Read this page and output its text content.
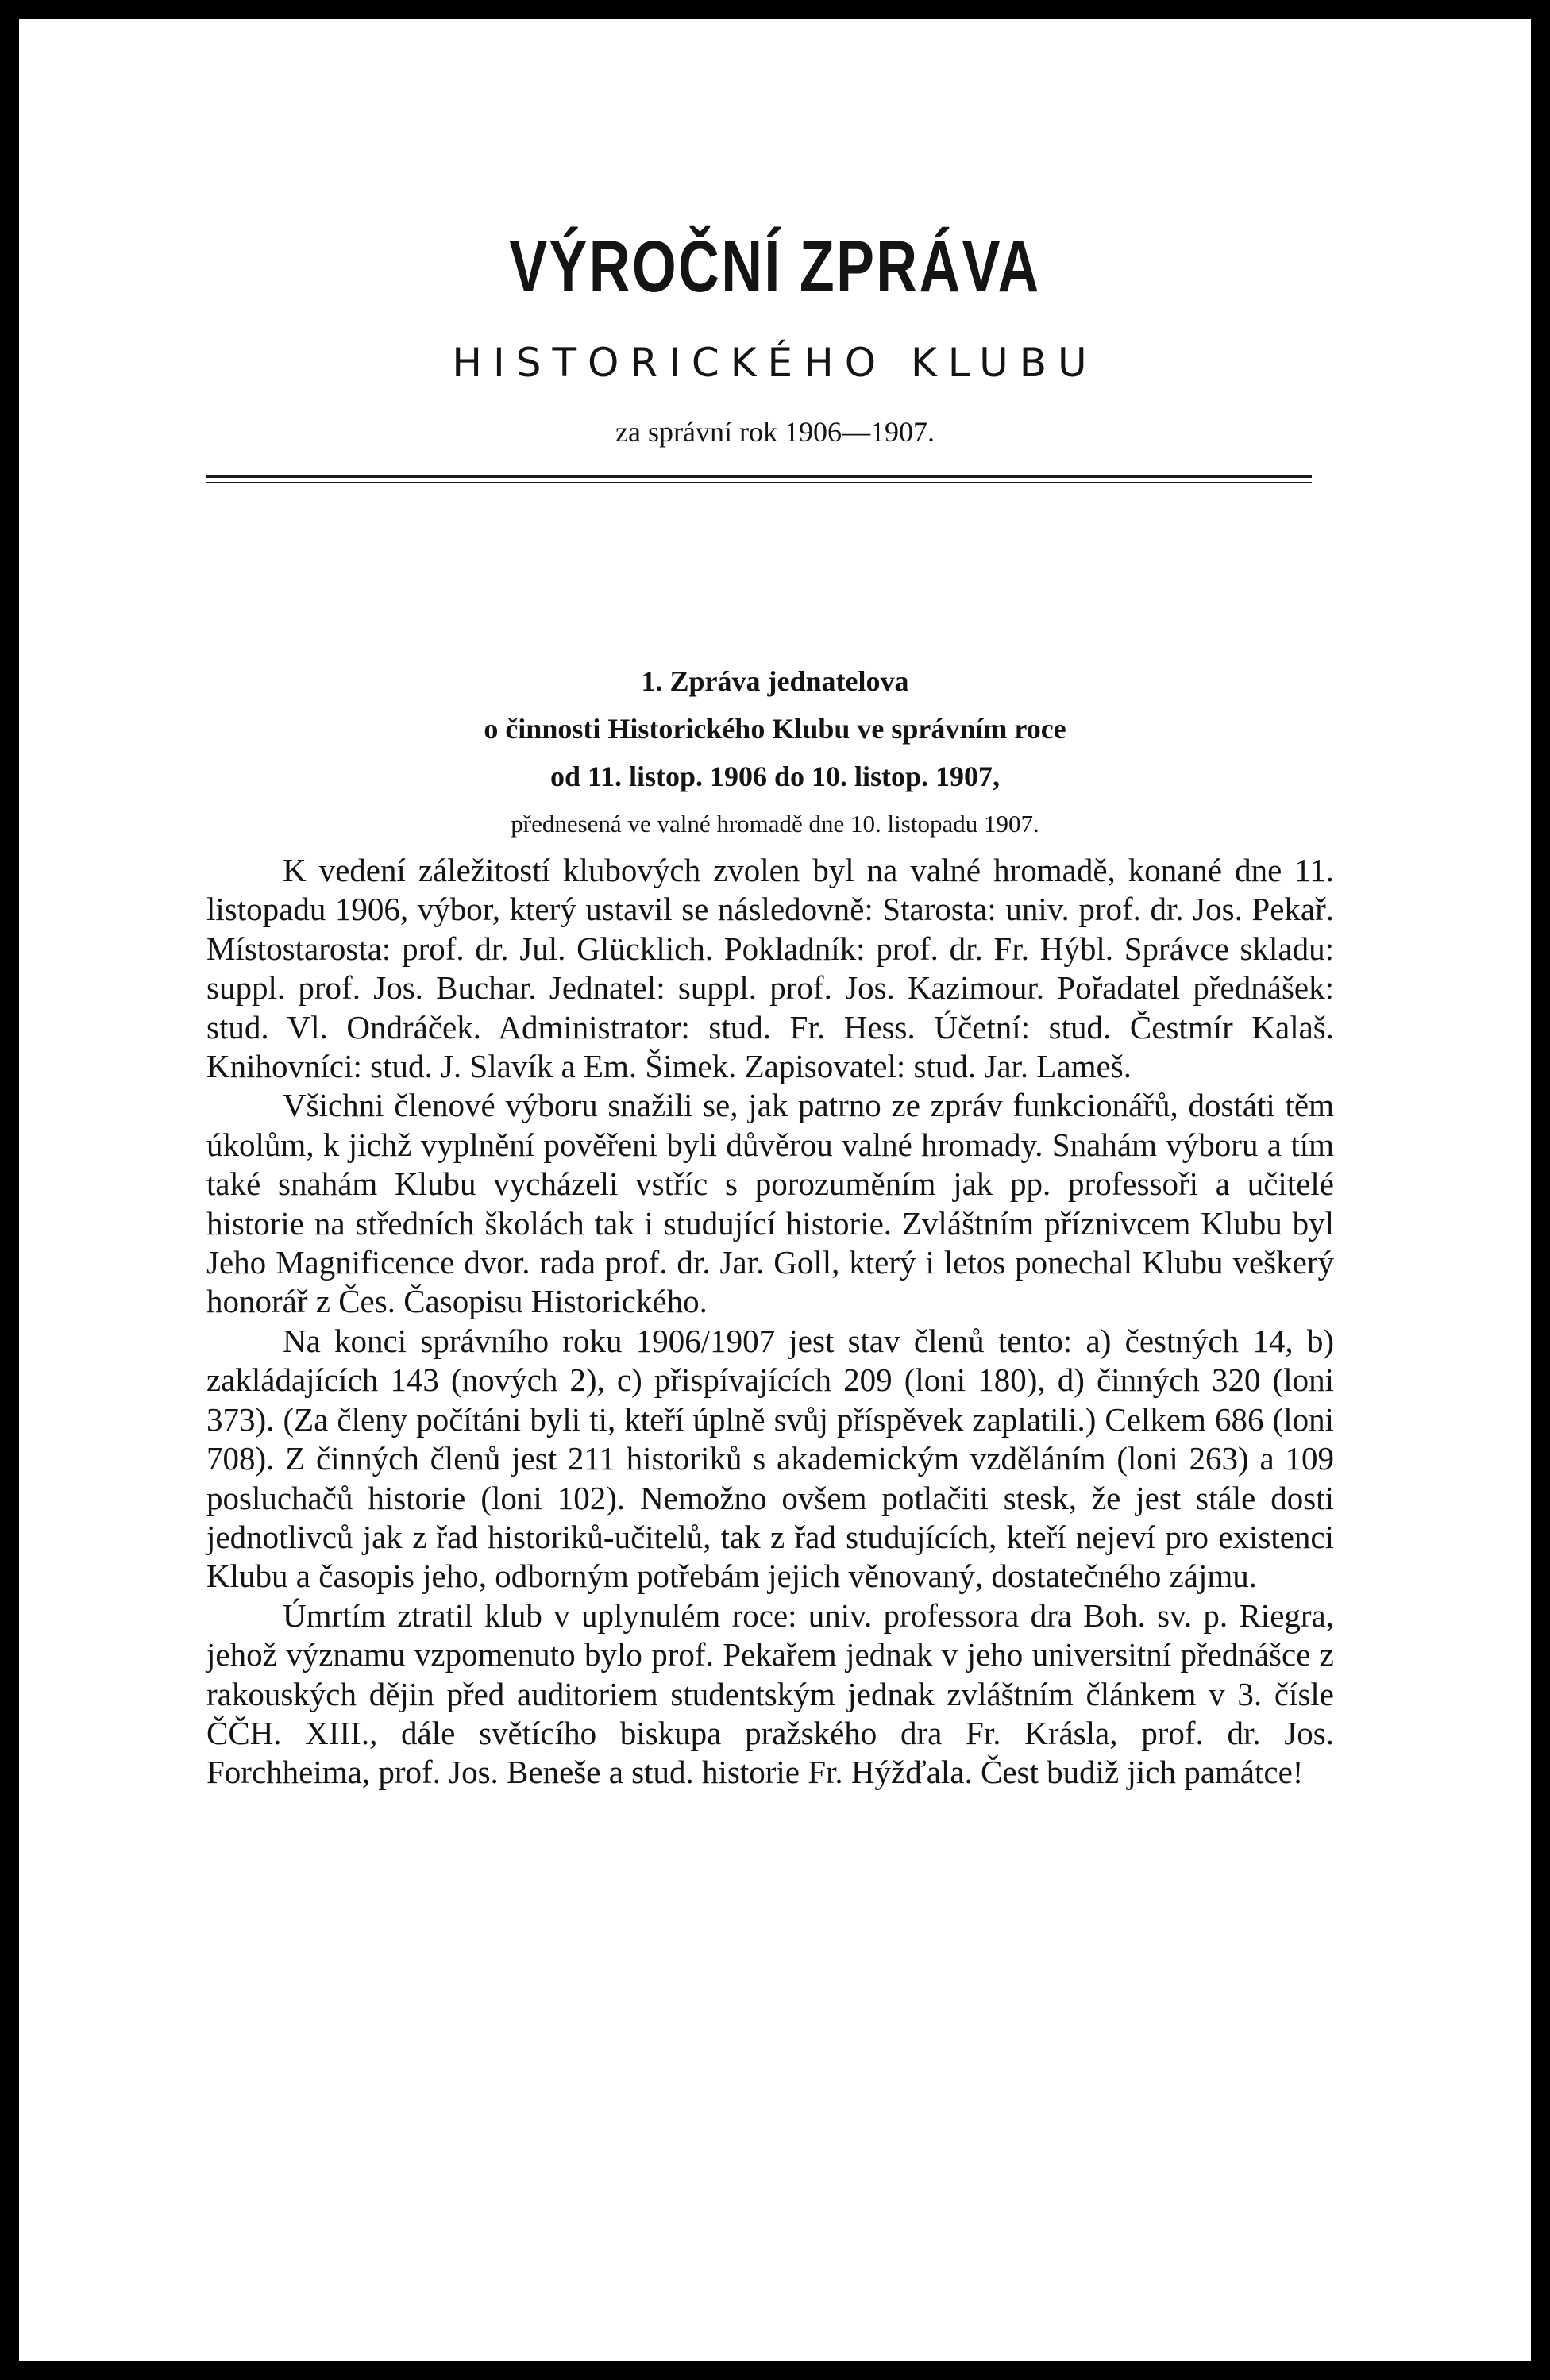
VÝROČNÍ ZPRÁVA
HISTORICKÉHO KLUBU
za správní rok 1906—1907.
1. Zpráva jednatelova
o činnosti Historického Klubu ve správním roce
od 11. listop. 1906 do 10. listop. 1907,
přednesená ve valné hromadě dne 10. listopadu 1907.

K vedení záležitostí klubových zvolen byl na valné hromadě, konané dne 11. listopadu 1906, výbor, který ustavil se následovně: Starosta: univ. prof. dr. Jos. Pekař. Místostarosta: prof. dr. Jul. Glücklich. Pokladník: prof. dr. Fr. Hýbl. Správce skladu: suppl. prof. Jos. Buchar. Jednatel: suppl. prof. Jos. Kazimour. Pořadatel přednášek: stud. Vl. Ondráček. Administrator: stud. Fr. Hess. Účetní: stud. Čestmír Kalaš. Knihovníci: stud. J. Slavík a Em. Šimek. Zapisovatel: stud. Jar. Lameš.

Všichni členové výboru snažili se, jak patrno ze zpráv funkcionářů, dostáti těm úkolům, k jichž vyplnění pověřeni byli důvěrou valné hromady. Snahám výboru a tím také snahám Klubu vycházeli vstříc s porozuměním jak pp. professoři a učitelé historie na středních školách tak i studující historie. Zvláštním příznivcem Klubu byl Jeho Magnificence dvor. rada prof. dr. Jar. Goll, který i letos ponechal Klubu veškerý honorář z Čes. Časopisu Historického.

Na konci správního roku 1906/1907 jest stav členů tento: a) čestných 14, b) zakládajících 143 (nových 2), c) přispívajících 209 (loni 180), d) činných 320 (loni 373). (Za členy počítáni byli ti, kteří úplně svůj příspěvek zaplatili.) Celkem 686 (loni 708). Z činných členů jest 211 historiků s akademickým vzděláním (loni 263) a 109 posluchačů historie (loni 102). Nemožno ovšem potlačiti stesk, že jest stále dosti jednotlivců jak z řad historiků-učitelů, tak z řad studujících, kteří nejeví pro existenci Klubu a časopis jeho, odborným potřebám jejich věnovaný, dostatečného zájmu.

Úmrtím ztratil klub v uplynulém roce: univ. professora dra Boh. sv. p. Riegra, jehož významu vzpomenuto bylo prof. Pekařem jednak v jeho universitní přednášce z rakouských dějin před auditoriem studentským jednak zvláštním článkem v 3. čísle ČČH. XIII., dále světícího biskupa pražského dra Fr. Krásla, prof. dr. Jos. Forchheima, prof. Jos. Beneše a stud. historie Fr. Hýžďala. Čest budiž jich památce!
